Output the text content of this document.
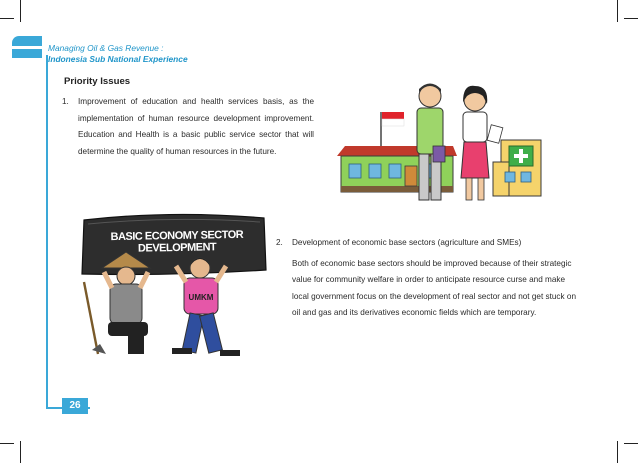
Managing Oil & Gas Revenue :
Indonesia Sub National Experience
Priority Issues
1.	Improvement of education and health services basis, as the implementation of human resource development improvement. Education and Health is a basic public service sector that will determine the quality of human resources in the future.
UMKM
BASIC ECONOMY SECTOR DEVELOPMENT	2.	Development of economic base sectors (agriculture and SMEs)
Both of economic base sectors should be improved because of their strategic value for community welfare in order to anticipate resource curse and make local government focus on the development of real sector and not get stuck on oil and gas and its derivatives economic fields which are temporary.
26
